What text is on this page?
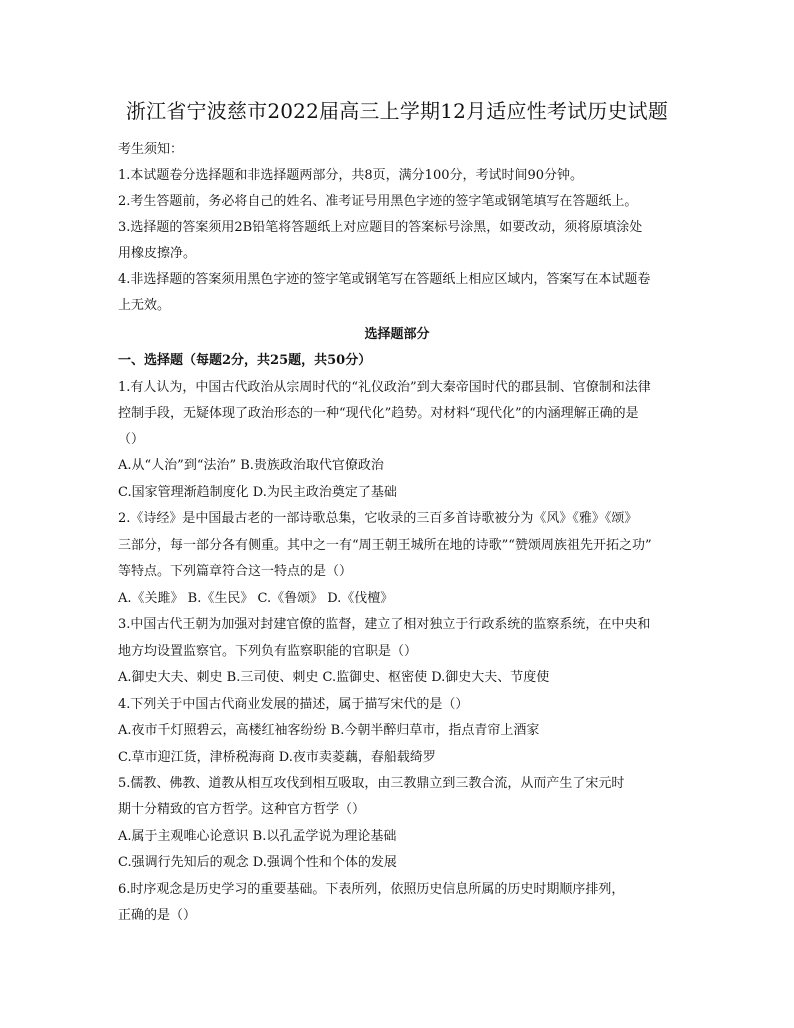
浙江省宁波慈市2022届高三上学期12月适应性考试历史试题
考生须知：
1.本试题卷分选择题和非选择题两部分，共8页，满分100分，考试时间90分钟。
2.考生答题前，务必将自己的姓名、准考证号用黑色字迹的签字笔或钢笔填写在答题纸上。
3.选择题的答案须用2B铅笔将答题纸上对应题目的答案标号涂黑，如要改动，须将原填涂处
用橡皮擦净。
4.非选择题的答案须用黑色字迹的签字笔或钢笔写在答题纸上相应区域内，答案写在本试题卷
上无效。
选择题部分
一、选择题（每题2分，共25题，共50分）
1.有人认为，中国古代政治从宗周时代的“礼仪政治”到大秦帝国时代的郡县制、官僚制和法律
控制手段，无疑体现了政治形态的一种“现代化”趋势。对材料“现代化”的内涵理解正确的是
（）
A.从“人治”到“法治” B.贵族政治取代官僚政治
C.国家管理渐趋制度化 D.为民主政治奠定了基础
2.《诗经》是中国最古老的一部诗歌总集，它收录的三百多首诗歌被分为《风》《雅》《颂》
三部分，每一部分各有侧重。其中之一有“周王朝王城所在地的诗歌”“赞颂周族祖先开拓之功”
等特点。下列篇章符合这一特点的是（）
A.《关雎》 B.《生民》 C.《鲁颂》 D.《伐檀》
3.中国古代王朝为加强对封建官僚的监督，建立了相对独立于行政系统的监察系统，在中央和
地方均设置监察官。下列负有监察职能的官职是（）
A.御史大夫、刺史 B.三司使、刺史 C.监御史、枢密使 D.御史大夫、节度使
4.下列关于中国古代商业发展的描述，属于描写宋代的是（）
A.夜市千灯照碧云，高楼红袖客纷纷 B.今朝半醉归草市，指点青帘上酒家
C.草市迎江货，津桥税海商 D.夜市卖菱藕，春船载绮罗
5.儒教、佛教、道教从相互攻伐到相互吸取，由三教鼎立到三教合流，从而产生了宋元时
期十分精致的官方哲学。这种官方哲学（）
A.属于主观唯心论意识 B.以孔孟学说为理论基础
C.强调行先知后的观念 D.强调个性和个体的发展
6.时序观念是历史学习的重要基础。下表所列，依照历史信息所属的历史时期顺序排列，
正确的是（）
